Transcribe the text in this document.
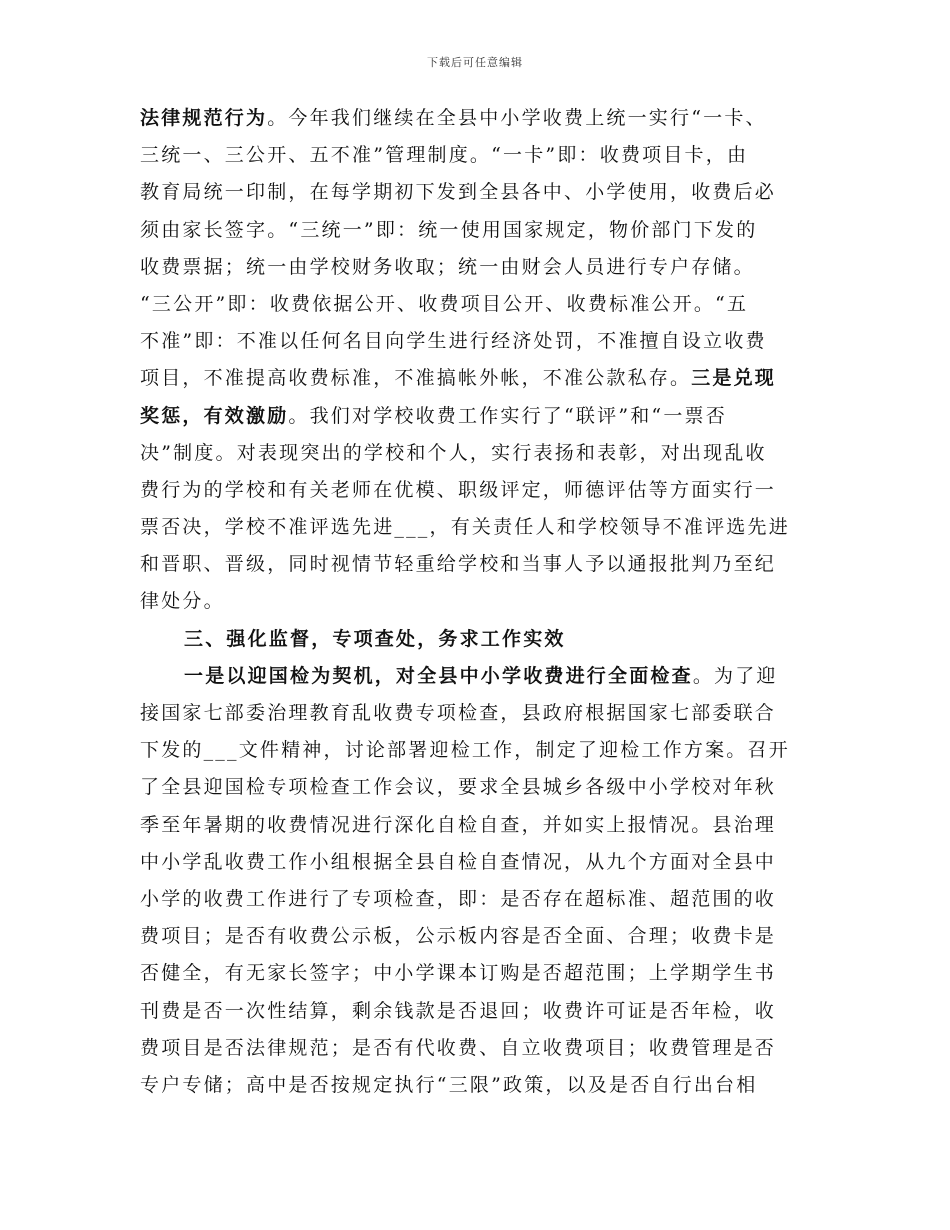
下载后可任意编辑
法律规范行为。今年我们继续在全县中小学收费上统一实行“一卡、
三统一、三公开、五不准”管理制度。“一卡”即：收费项目卡，由
教育局统一印制，在每学期初下发到全县各中、小学使用，收费后必
须由家长签字。“三统一”即：统一使用国家规定，物价部门下发的
收费票据；统一由学校财务收取；统一由财会人员进行专户存储。
“三公开”即：收费依据公开、收费项目公开、收费标准公开。“五
不准”即：不准以任何名目向学生进行经济处罚，不准擅自设立收费
项目，不准提高收费标准，不准搞帐外帐，不准公款私存。三是兑现
奖惩，有效激励。我们对学校收费工作实行了“联评”和“一票否
决”制度。对表现突出的学校和个人，实行表扬和表彰，对出现乱收
费行为的学校和有关老师在优模、职级评定，师德评估等方面实行一
票否决，学校不准评选先进___，有关责任人和学校领导不准评选先进
和晋职、晋级，同时视情节轻重给学校和当事人予以通报批判乃至纪
律处分。
三、强化监督，专项查处，务求工作实效
一是以迎国检为契机，对全县中小学收费进行全面检查。为了迎
接国家七部委治理教育乱收费专项检查，县政府根据国家七部委联合
下发的___文件精神，讨论部署迎检工作，制定了迎检工作方案。召开
了全县迎国检专项检查工作会议，要求全县城乡各级中小学校对年秋
季至年暑期的收费情况进行深化自检自查，并如实上报情况。县治理
中小学乱收费工作小组根据全县自检自查情况，从九个方面对全县中
小学的收费工作进行了专项检查，即：是否存在超标准、超范围的收
费项目；是否有收费公示板，公示板内容是否全面、合理；收费卡是
否健全，有无家长签字；中小学课本订购是否超范围；上学期学生书
刊费是否一次性结算，剩余钱款是否退回；收费许可证是否年检，收
费项目是否法律规范；是否有代收费、自立收费项目；收费管理是否
专户专储；高中是否按规定执行“三限”政策，以及是否自行出台相
